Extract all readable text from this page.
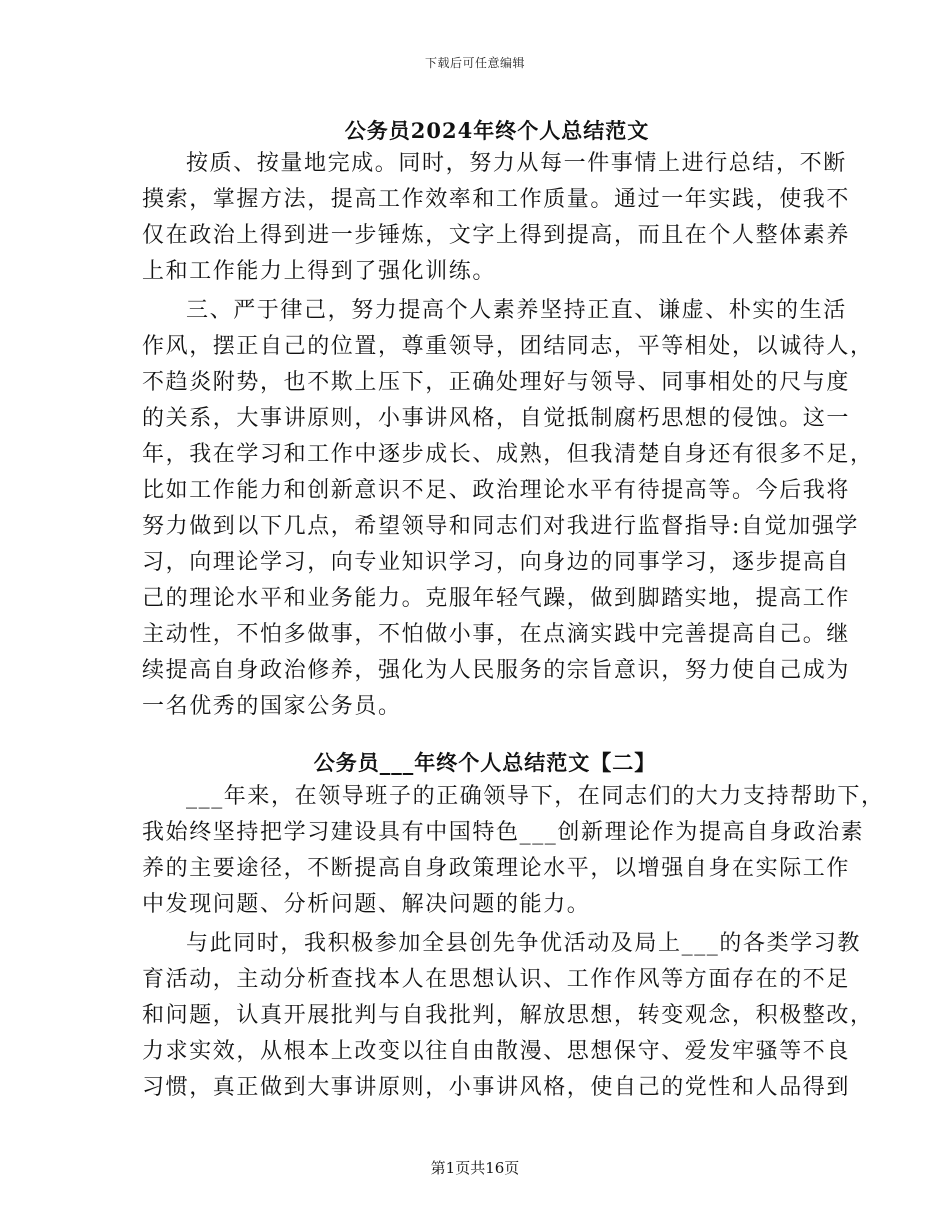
下载后可任意编辑
公务员2024年终个人总结范文
按质、按量地完成。同时，努力从每一件事情上进行总结，不断
摸索，掌握方法，提高工作效率和工作质量。通过一年实践，使我不
仅在政治上得到进一步锤炼，文字上得到提高，而且在个人整体素养
上和工作能力上得到了强化训练。
三、严于律己，努力提高个人素养坚持正直、谦虚、朴实的生活
作风，摆正自己的位置，尊重领导，团结同志，平等相处，以诚待人，
不趋炎附势，也不欺上压下，正确处理好与领导、同事相处的尺与度
的关系，大事讲原则，小事讲风格，自觉抵制腐朽思想的侵蚀。这一
年，我在学习和工作中逐步成长、成熟，但我清楚自身还有很多不足，
比如工作能力和创新意识不足、政治理论水平有待提高等。今后我将
努力做到以下几点，希望领导和同志们对我进行监督指导:自觉加强学
习，向理论学习，向专业知识学习，向身边的同事学习，逐步提高自
己的理论水平和业务能力。克服年轻气躁，做到脚踏实地，提高工作
主动性，不怕多做事，不怕做小事，在点滴实践中完善提高自己。继
续提高自身政治修养，强化为人民服务的宗旨意识，努力使自己成为
一名优秀的国家公务员。
公务员___年终个人总结范文【二】
___年来，在领导班子的正确领导下，在同志们的大力支持帮助下，
我始终坚持把学习建设具有中国特色___创新理论作为提高自身政治素
养的主要途径，不断提高自身政策理论水平，以增强自身在实际工作
中发现问题、分析问题、解决问题的能力。
与此同时，我积极参加全县创先争优活动及局上___的各类学习教
育活动，主动分析查找本人在思想认识、工作作风等方面存在的不足
和问题，认真开展批判与自我批判，解放思想，转变观念，积极整改，
力求实效，从根本上改变以往自由散漫、思想保守、爱发牢骚等不良
习惯，真正做到大事讲原则，小事讲风格，使自己的党性和人品得到
第1页共16页
